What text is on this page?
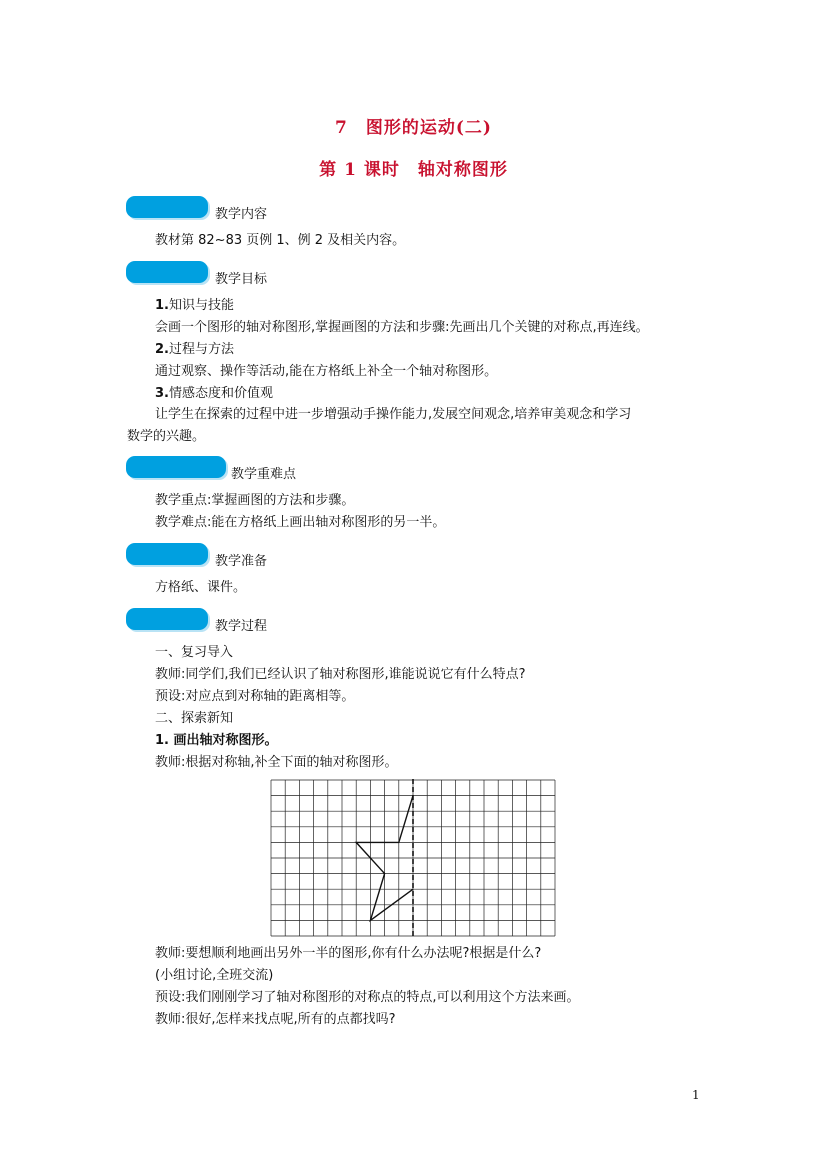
7　图形的运动(二)
第 1 课时　轴对称图形
教学内容
教材第 82~83 页例 1、例 2 及相关内容。
教学目标
1.知识与技能
会画一个图形的轴对称图形,掌握画图的方法和步骤:先画出几个关键的对称点,再连线。
2.过程与方法
通过观察、操作等活动,能在方格纸上补全一个轴对称图形。
3.情感态度和价值观
让学生在探索的过程中进一步增强动手操作能力,发展空间观念,培养审美观念和学习
数学的兴趣。
教学重难点
教学重点:掌握画图的方法和步骤。
教学难点:能在方格纸上画出轴对称图形的另一半。
教学准备
方格纸、课件。
教学过程
一、复习导入
教师:同学们,我们已经认识了轴对称图形,谁能说说它有什么特点?
预设:对应点到对称轴的距离相等。
二、探索新知
1. 画出轴对称图形。
教师:根据对称轴,补全下面的轴对称图形。
教师:要想顺利地画出另外一半的图形,你有什么办法呢?根据是什么?
(小组讨论,全班交流)
预设:我们刚刚学习了轴对称图形的对称点的特点,可以利用这个方法来画。
教师:很好,怎样来找点呢,所有的点都找吗?
1
